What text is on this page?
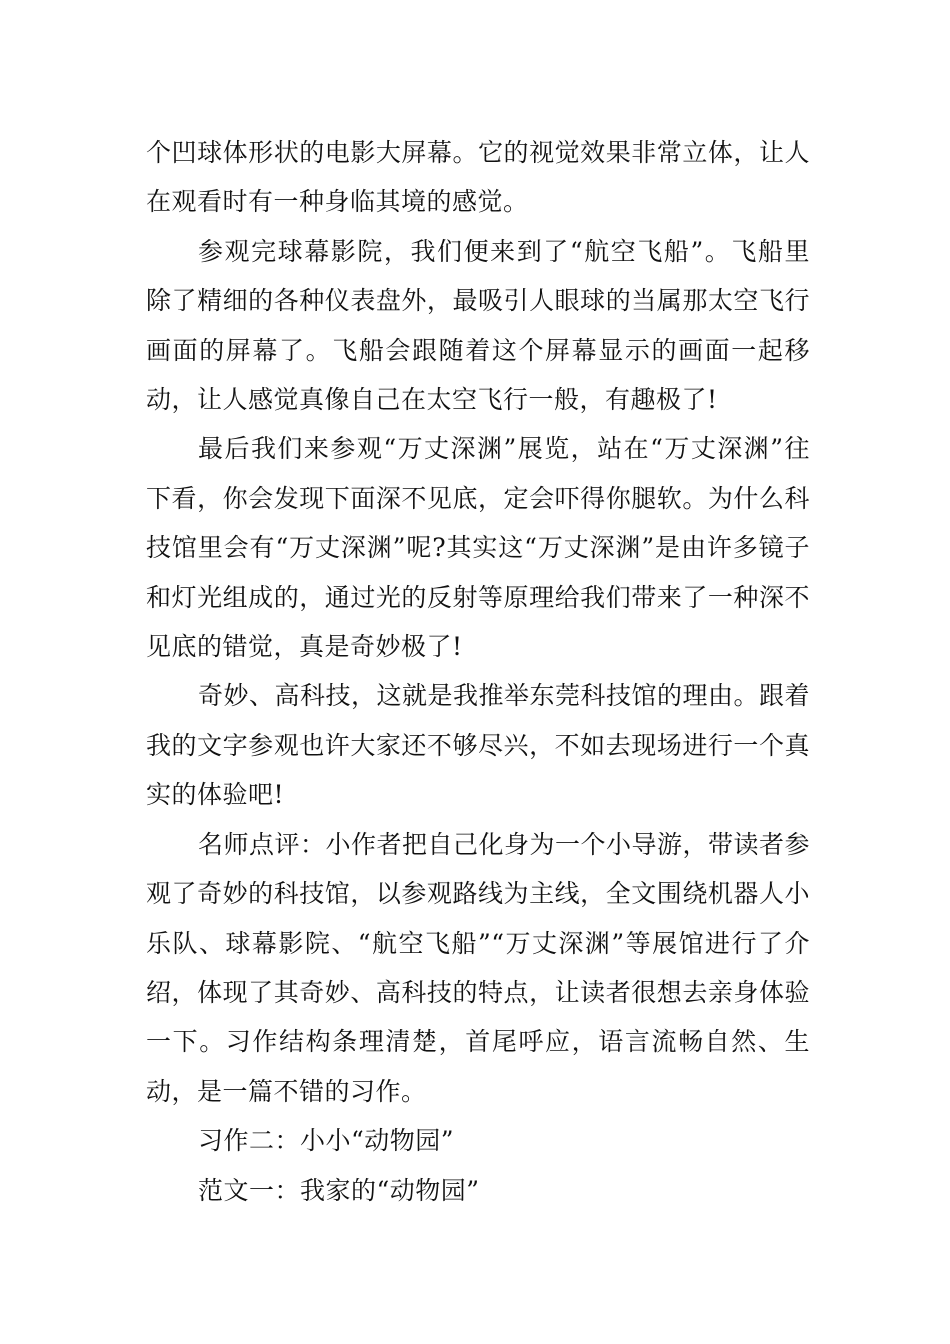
个凹球体形状的电影大屏幕。它的视觉效果非常立体，让人在观看时有一种身临其境的感觉。

参观完球幕影院，我们便来到了“航空飞船”。飞船里除了精细的各种仪表盘外，最吸引人眼球的当属那太空飞行画面的屏幕了。飞船会跟随着这个屏幕显示的画面一起移动，让人感觉真像自己在太空飞行一般，有趣极了!

最后我们来参观“万丈深渊”展览，站在“万丈深渊”往下看，你会发现下面深不见底，定会吓得你腿软。为什么科技馆里会有“万丈深渊”呢?其实这“万丈深渊”是由许多镜子和灯光组成的，通过光的反射等原理给我们带来了一种深不见底的错觉，真是奇妙极了!

奇妙、高科技，这就是我推举东莞科技馆的理由。跟着我的文字参观也许大家还不够尽兴，不如去现场进行一个真实的体验吧!

名师点评：小作者把自己化身为一个小导游，带读者参观了奇妙的科技馆，以参观路线为主线，全文围绕机器人小乐队、球幕影院、“航空飞船”“万丈深渊”等展馆进行了介绍，体现了其奇妙、高科技的特点，让读者很想去亲身体验一下。习作结构条理清楚，首尾呼应，语言流畅自然、生动，是一篇不错的习作。

习作二：小小“动物园”

范文一：我家的“动物园”
